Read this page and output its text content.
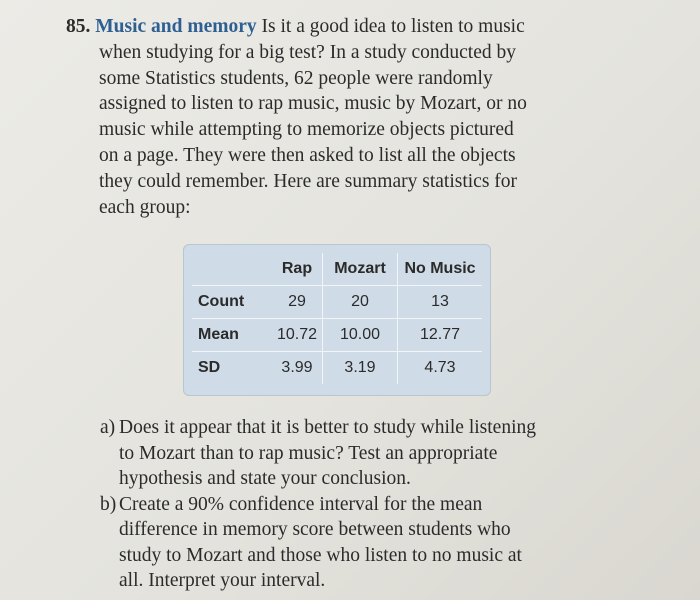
85. Music and memory Is it a good idea to listen to music
when studying for a big test? In a study conducted by
some Statistics students, 62 people were randomly
assigned to listen to rap music, music by Mozart, or no
music while attempting to memorize objects pictured
on a page. They were then asked to list all the objects
they could remember. Here are summary statistics for
each group:

	Rap	Mozart	No Music
Count	29	20	13
Mean	10.72	10.00	12.77
SD	3.99	3.19	4.73
a) Does it appear that it is better to study while listening
to Mozart than to rap music? Test an appropriate
hypothesis and state your conclusion.
b) Create a 90% confidence interval for the mean
difference in memory score between students who
study to Mozart and those who listen to no music at
all. Interpret your interval.
